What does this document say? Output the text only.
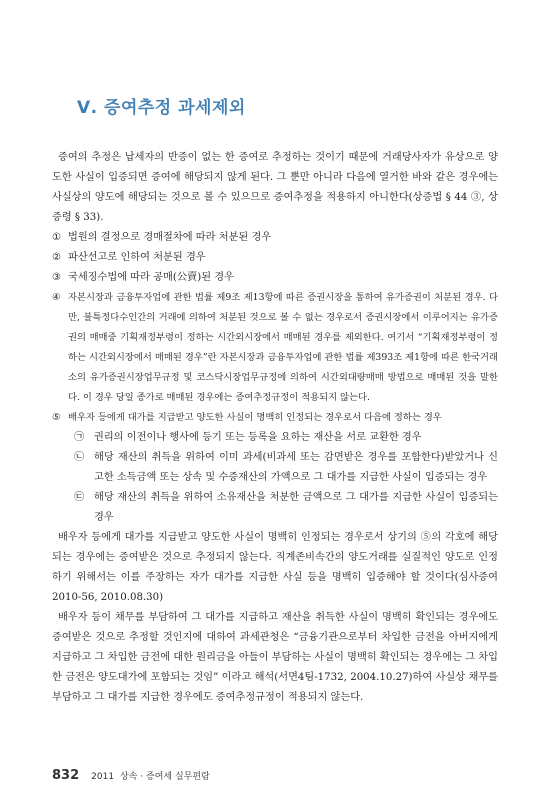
Ⅴ. 증여추정 과세제외

증여의 추정은 납세자의 반증이 없는 한 증여로 추정하는 것이기 때문에 거래당사자가 유상으로 양도한 사실이 입증되면 증여에 해당되지 않게 된다. 그 뿐만 아니라 다음에 열거한 바와 같은 경우에는 사실상의 양도에 해당되는 것으로 볼 수 있으므로 증여추정을 적용하지 아니한다(상증법 § 44 ③, 상증령 § 33).

① 법원의 결정으로 경매절차에 따라 처분된 경우
② 파산선고로 인하여 처분된 경우
③ 국세징수법에 따라 공매(公賣)된 경우
④ 자본시장과 금융투자업에 관한 법률 제9조 제13항에 따른 증권시장을 통하여 유가증권이 처분된 경우. 다만, 불특정다수인간의 거래에 의하여 처분된 것으로 볼 수 없는 경우로서 증권시장에서 이루어지는 유가증권의 매매중 기획재정부령이 정하는 시간외시장에서 매매된 경우를 제외한다. 여기서 “기획재정부령이 정하는 시간외시장에서 매매된 경우”란 자본시장과 금융투자업에 관한 법률 제393조 제1항에 따른 한국거래소의 유가증권시장업무규정 및 코스닥시장업무규정에 의하여 시간외대량매매 방법으로 매매된 것을 말한다. 이 경우 당일 종가로 매매된 경우에는 증여추정규정이 적용되지 않는다.
⑤ 배우자 등에게 대가를 지급받고 양도한 사실이 명백히 인정되는 경우로서 다음에 정하는 경우
㉠ 권리의 이전이나 행사에 등기 또는 등록을 요하는 재산을 서로 교환한 경우
㉡ 해당 재산의 취득을 위하여 이미 과세(비과세 또는 감면받은 경우를 포함한다)받았거나 신고한 소득금액 또는 상속 및 수증재산의 가액으로 그 대가를 지급한 사실이 입증되는 경우
㉢ 해당 재산의 취득을 위하여 소유재산을 처분한 금액으로 그 대가를 지급한 사실이 입증되는 경우

배우자 등에게 대가를 지급받고 양도한 사실이 명백히 인정되는 경우로서 상기의 ⑤의 각호에 해당되는 경우에는 증여받은 것으로 추정되지 않는다. 직계존비속간의 양도거래를 실질적인 양도로 인정하기 위해서는 이를 주장하는 자가 대가를 지급한 사실 등을 명백히 입증해야 할 것이다(심사증여2010-56, 2010.08.30)

배우자 등이 채무를 부담하여 그 대가를 지급하고 재산을 취득한 사실이 명백히 확인되는 경우에도 증여받은 것으로 추정할 것인지에 대하여 과세관청은 “금융기관으로부터 차입한 금전을 아버지에게 지급하고 그 차입한 금전에 대한 원리금을 아들이 부담하는 사실이 명백히 확인되는 경우에는 그 차입한 금전은 양도대가에 포함되는 것임” 이라고 해석(서면4팀-1732, 2004.10.27)하여 사실상 채무를 부담하고 그 대가를 지급한 경우에도 증여추정규정이 적용되지 않는다.

832 2011 상속 · 증여세 실무편람
